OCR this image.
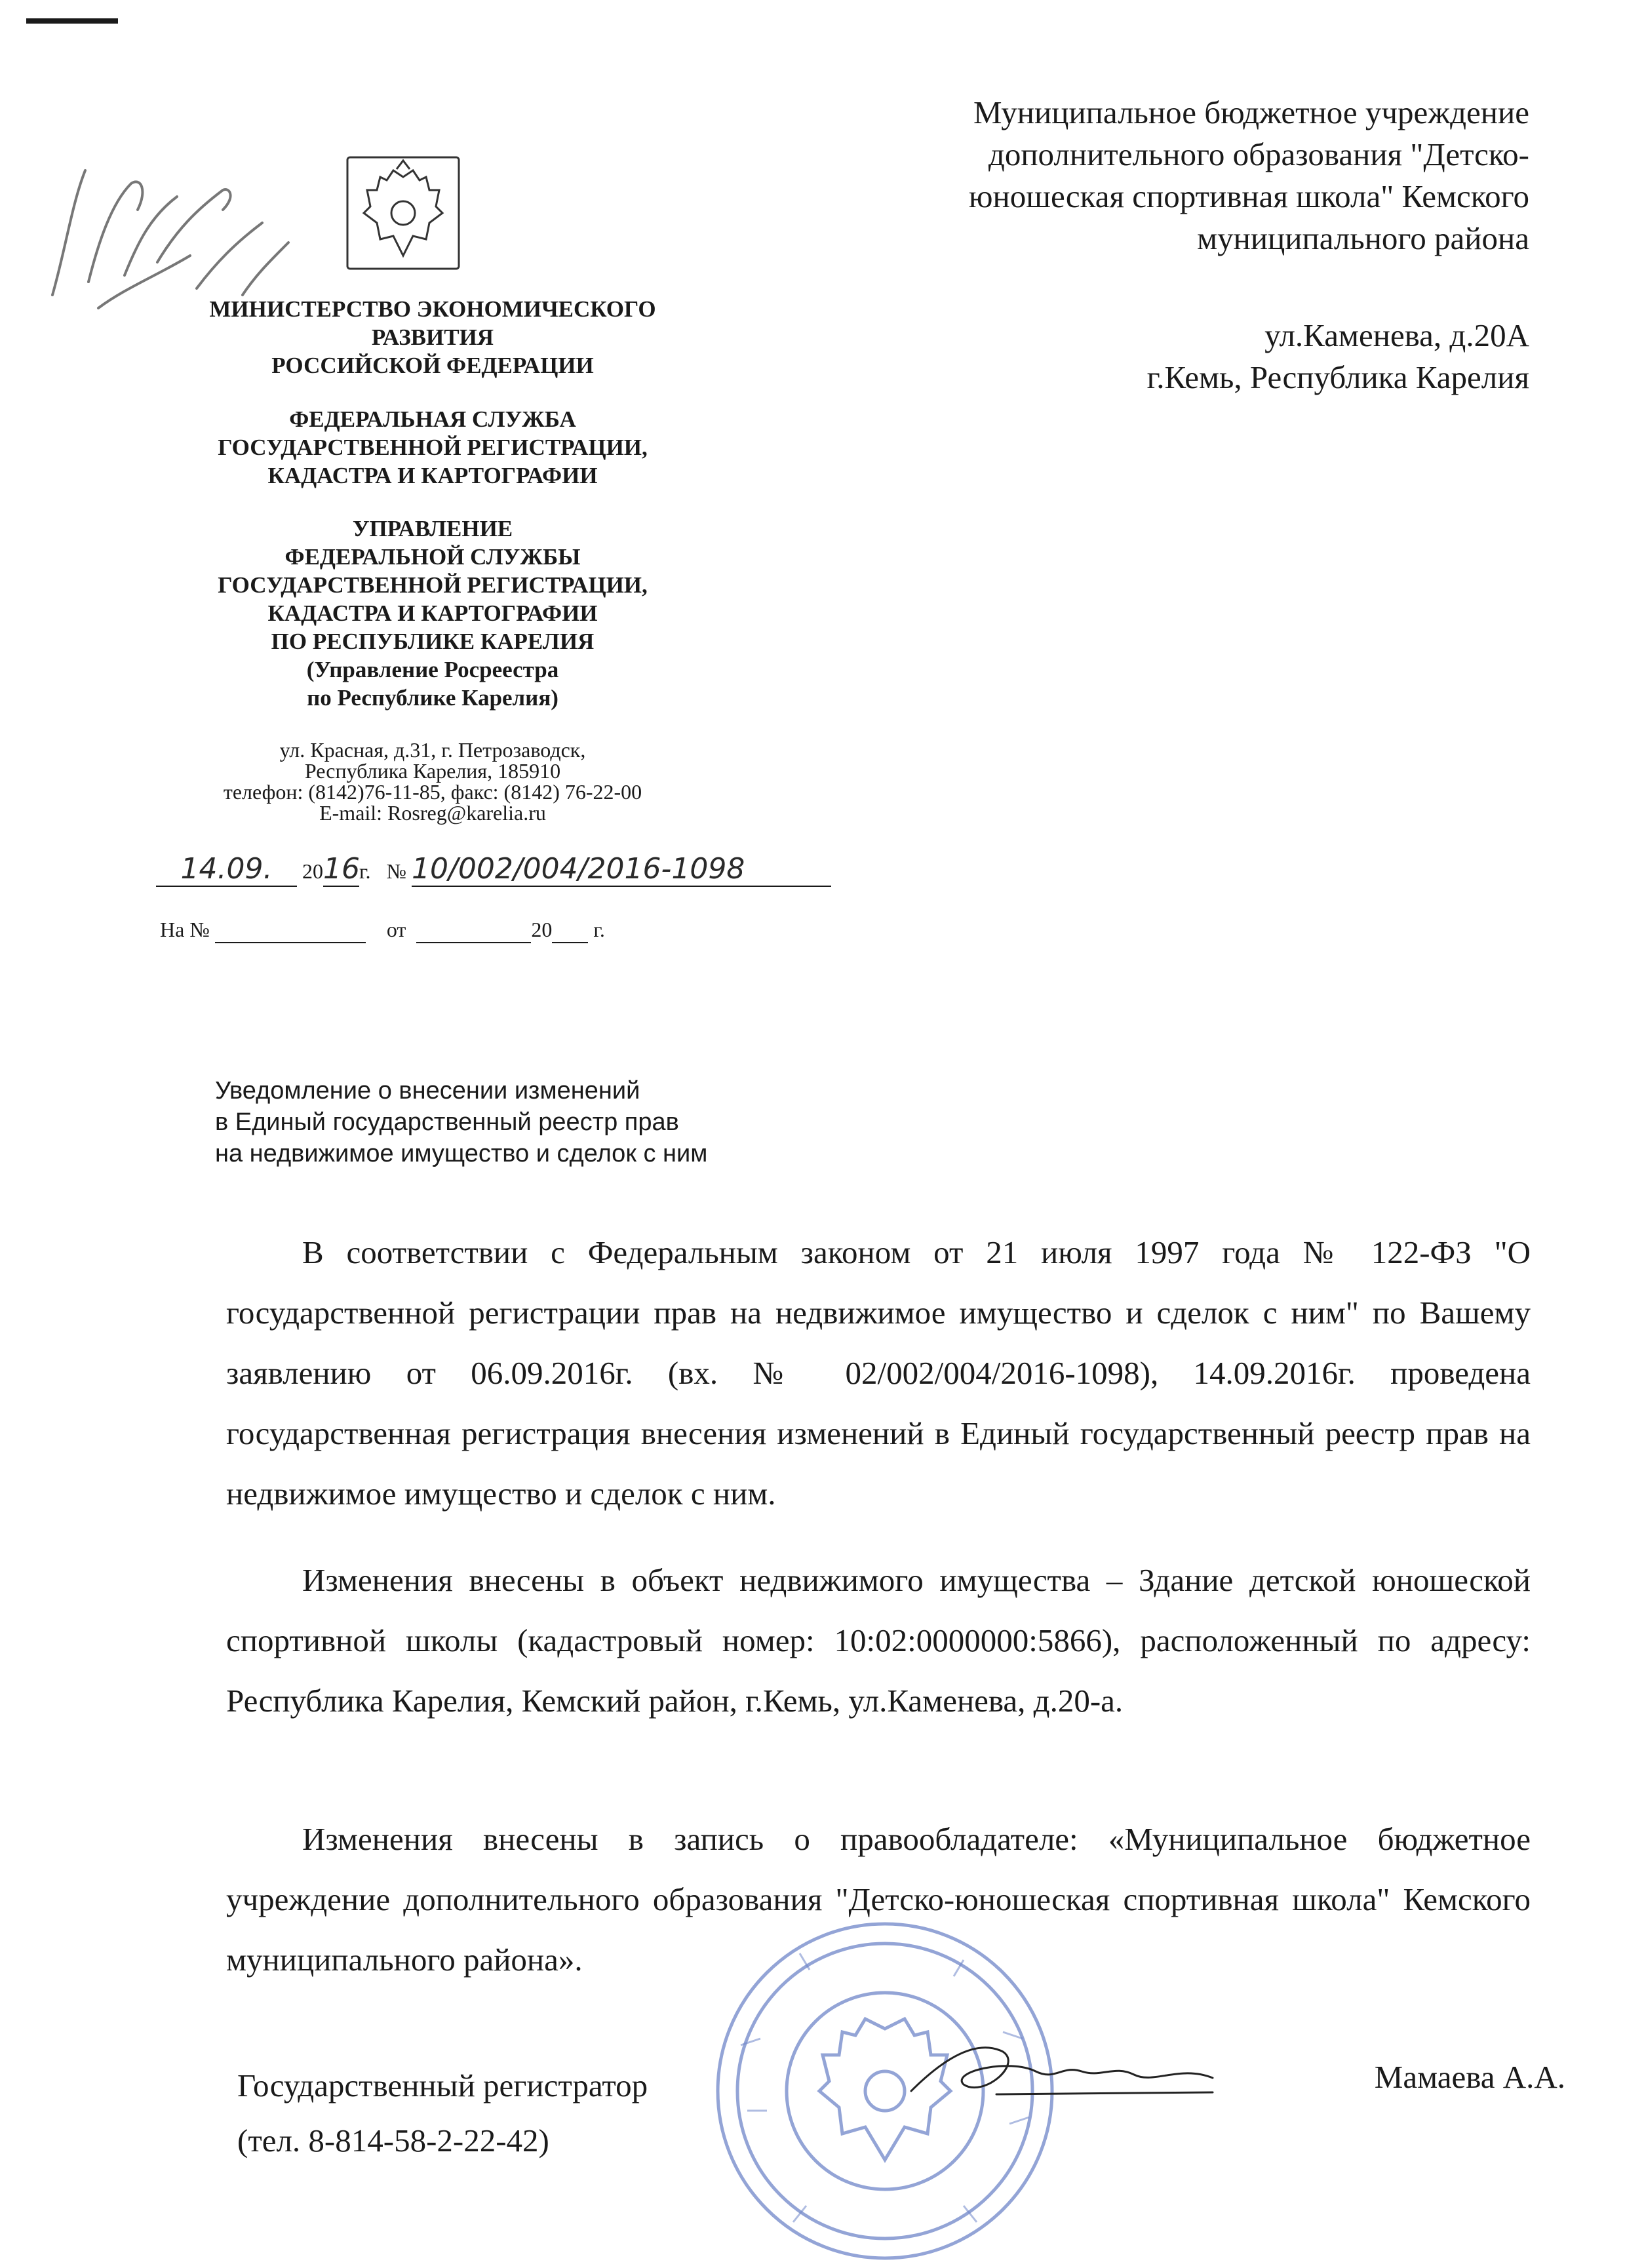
МИНИСТЕРСТВО ЭКОНОМИЧЕСКОГО
РАЗВИТИЯ
РОССИЙСКОЙ ФЕДЕРАЦИИ
ФЕДЕРАЛЬНАЯ СЛУЖБА
ГОСУДАРСТВЕННОЙ РЕГИСТРАЦИИ,
КАДАСТРА И КАРТОГРАФИИ
УПРАВЛЕНИЕ
ФЕДЕРАЛЬНОЙ СЛУЖБЫ
ГОСУДАРСТВЕННОЙ РЕГИСТРАЦИИ,
КАДАСТРА И КАРТОГРАФИИ
ПО РЕСПУБЛИКЕ КАРЕЛИЯ
(Управление Росреестра
по Республике Карелия)
ул. Красная, д.31, г. Петрозаводск,
Республика Карелия, 185910
телефон: (8142)76-11-85, факс: (8142) 76-22-00
E-mail: Rosreg@karelia.ru
14.09. 2016г. № 10/002/004/2016-1098
На №	от	20 г.
Муниципальное бюджетное учреждение
дополнительного образования "Детско-
юношеская спортивная школа" Кемского
муниципального района
ул.Каменева, д.20А
г.Кемь, Республика Карелия
Уведомление о внесении изменений
в Единый государственный реестр прав
на недвижимое имущество и сделок с ним

В соответствии с Федеральным законом от 21 июля 1997 года № 122-ФЗ "О государственной регистрации прав на недвижимое имущество и сделок с ним" по Вашему заявлению от 06.09.2016г. (вх. № 02/002/004/2016-1098), 14.09.2016г. проведена государственная регистрация внесения изменений в Единый государственный реестр прав на недвижимое имущество и сделок с ним.

Изменения внесены в объект недвижимого имущества – Здание детской юношеской спортивной школы (кадастровый номер: 10:02:0000000:5866), расположенный по адресу: Республика Карелия, Кемский район, г.Кемь, ул.Каменева, д.20-а.

Изменения внесены в запись о правообладателе: «Муниципальное бюджетное учреждение дополнительного образования "Детско-юношеская спортивная школа" Кемского муниципального района».

Государственный регистратор
(тел. 8-814-58-2-22-42)
Мамаева А.А.
